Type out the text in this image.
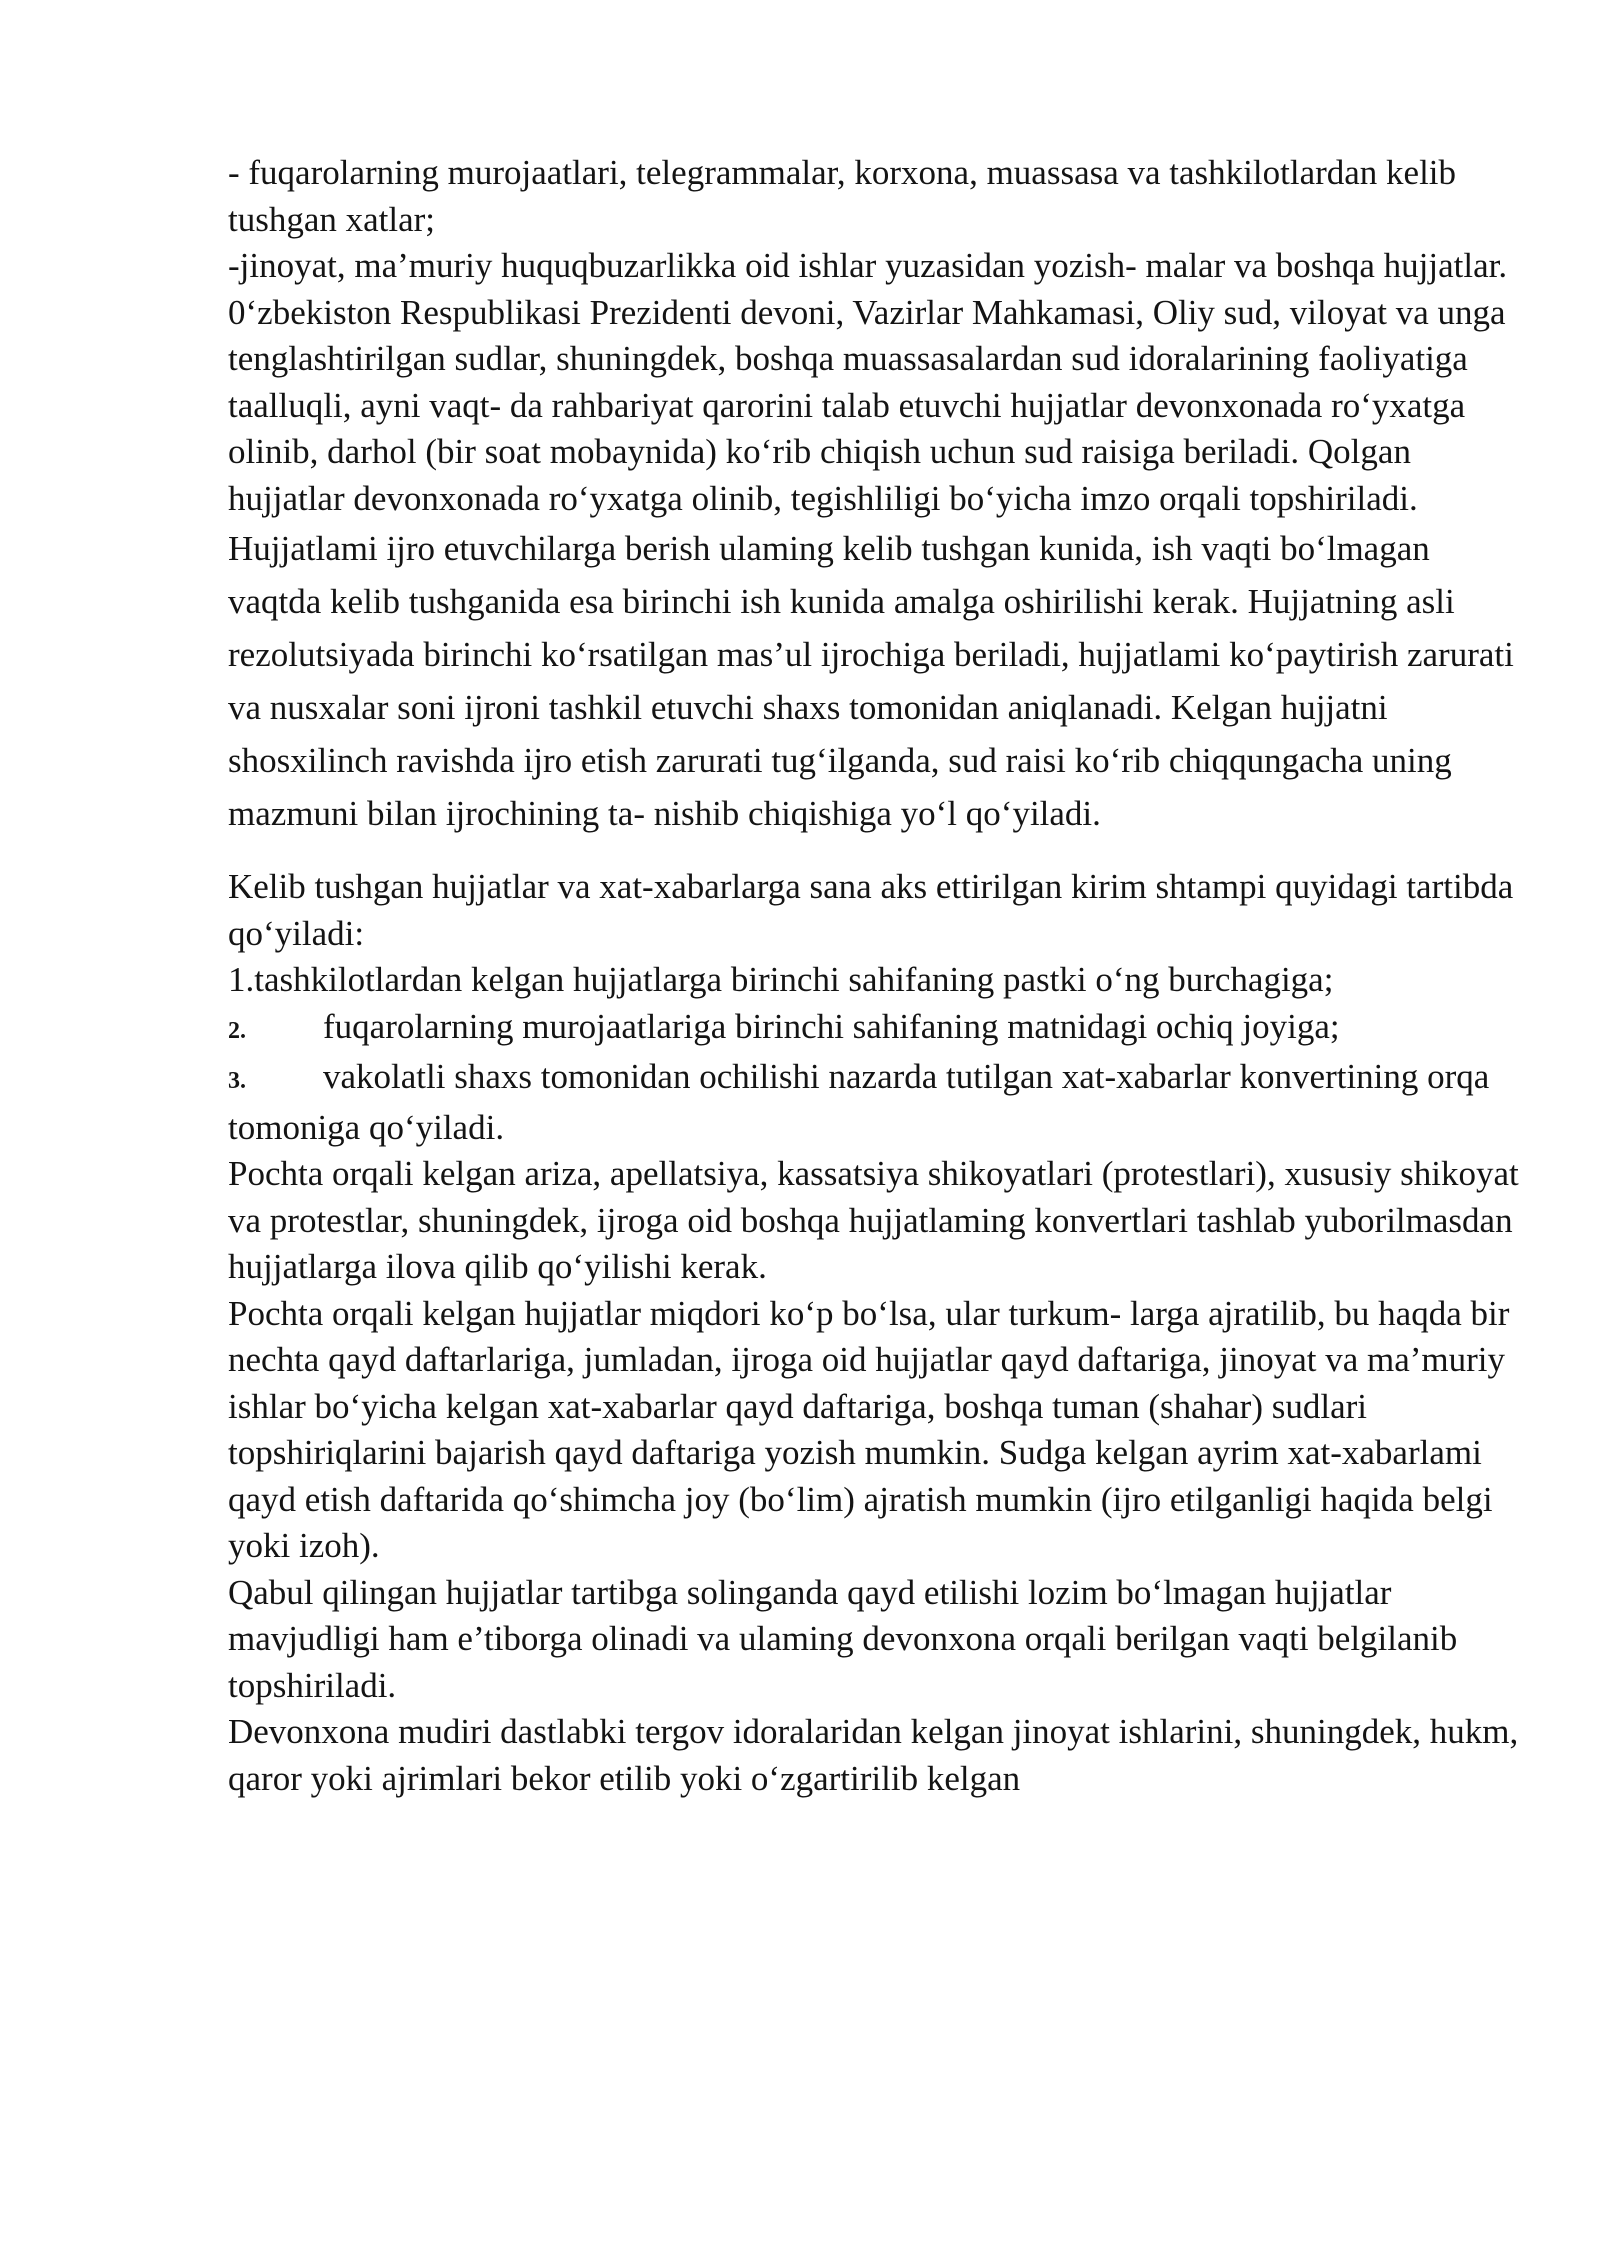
- fuqarolarning murojaatlari, telegrammalar, korxona, muassasa va tashkilotlardan kelib tushgan xatlar;

-jinoyat, ma’muriy huquqbuzarlikka oid ishlar yuzasidan yozish- malar va boshqa hujjatlar.

0‘zbekiston Respublikasi Prezidenti devoni, Vazirlar Mahkamasi, Oliy sud, viloyat va unga tenglashtirilgan sudlar, shuningdek, boshqa muassasalardan sud idoralarining faoliyatiga taalluqli, ayni vaqt- da rahbariyat qarorini talab etuvchi hujjatlar devonxonada ro‘yxatga olinib, darhol (bir soat mobaynida) ko‘rib chiqish uchun sud raisiga beriladi. Qolgan hujjatlar devonxonada ro‘yxatga olinib, tegishliligi bo‘yicha imzo orqali topshiriladi.

Hujjatlami ijro etuvchilarga berish ulaming kelib tushgan kunida, ish vaqti bo‘lmagan vaqtda kelib tushganida esa birinchi ish kunida amalga oshirilishi kerak. Hujjatning asli rezolutsiyada birinchi ko‘rsatilgan mas’ul ijrochiga beriladi, hujjatlami ko‘paytirish zarurati va nusxalar soni ijroni tashkil etuvchi shaxs tomonidan aniqlanadi. Kelgan hujjatni shosxilinch ravishda ijro etish zarurati tug‘ilganda, sud raisi ko‘rib chiqqungacha uning mazmuni bilan ijrochining ta- nishib chiqishiga yo‘l qo‘yiladi.

Kelib tushgan hujjatlar va xat-xabarlarga sana aks ettirilgan kirim shtampi quyidagi tartibda qo‘yiladi:

1.tashkilotlardan kelgan hujjatlarga birinchi sahifaning pastki o‘ng burchagiga;

2. fuqarolarning murojaatlariga birinchi sahifaning matnidagi ochiq joyiga;

3. vakolatli shaxs tomonidan ochilishi nazarda tutilgan xat-xabarlar konvertining orqa tomoniga qo‘yiladi.

Pochta orqali kelgan ariza, apellatsiya, kassatsiya shikoyatlari (protestlari), xususiy shikoyat va protestlar, shuningdek, ijroga oid boshqa hujjatlaming konvertlari tashlab yuborilmasdan hujjatlarga ilova qilib qo‘yilishi kerak.

Pochta orqali kelgan hujjatlar miqdori ko‘p bo‘lsa, ular turkum- larga ajratilib, bu haqda bir nechta qayd daftarlariga, jumladan, ijroga oid hujjatlar qayd daftariga, jinoyat va ma’muriy ishlar bo‘yicha kelgan xat-xabarlar qayd daftariga, boshqa tuman (shahar) sudlari topshiriqlarini bajarish qayd daftariga yozish mumkin. Sudga kelgan ayrim xat-xabarlami qayd etish daftarida qo‘shimcha joy (bo‘lim) ajratish mumkin (ijro etilganligi haqida belgi yoki izoh).

Qabul qilingan hujjatlar tartibga solinganda qayd etilishi lozim bo‘lmagan hujjatlar mavjudligi ham e’tiborga olinadi va ulaming devonxona orqali berilgan vaqti belgilanib topshiriladi.

Devonxona mudiri dastlabki tergov idoralaridan kelgan jinoyat ishlarini, shuningdek, hukm, qaror yoki ajrimlari bekor etilib yoki o‘zgartirilib kelgan
